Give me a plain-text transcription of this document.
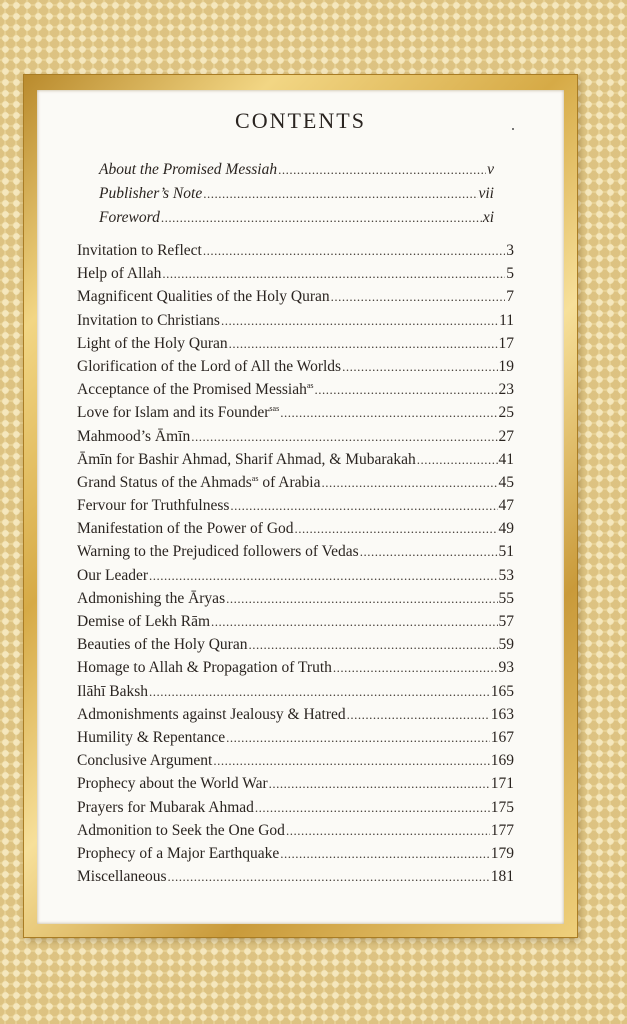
CONTENTS
About the Promised Messiah .....	v
Publisher’s Note .....	vii
Foreword .....	xi
Invitation to Reflect .....	3
Help of Allah .....	5
Magnificent Qualities of the Holy Quran .....	7
Invitation to Christians .....	11
Light of the Holy Quran .....	17
Glorification of the Lord of All the Worlds .....	19
Acceptance of the Promised Messiah$^{as}$ .....	23
Love for Islam and its Founder$^{sas}$ .....	25
Mahmood’s Āmīn .....	27
Āmīn for Bashir Ahmad, Sharif Ahmad, & Mubarakah .....	41
Grand Status of the Ahmads$^{as}$ of Arabia .....	45
Fervour for Truthfulness .....	47
Manifestation of the Power of God .....	49
Warning to the Prejudiced followers of Vedas .....	51
Our Leader .....	53
Admonishing the Āryas .....	55
Demise of Lekh Rām .....	57
Beauties of the Holy Quran .....	59
Homage to Allah & Propagation of Truth .....	93
Ilāhī Baksh .....	165
Admonishments against Jealousy & Hatred .....	163
Humility & Repentance .....	167
Conclusive Argument .....	169
Prophecy about the World War .....	171
Prayers for Mubarak Ahmad .....	175
Admonition to Seek the One God .....	177
Prophecy of a Major Earthquake .....	179
Miscellaneous .....	181
